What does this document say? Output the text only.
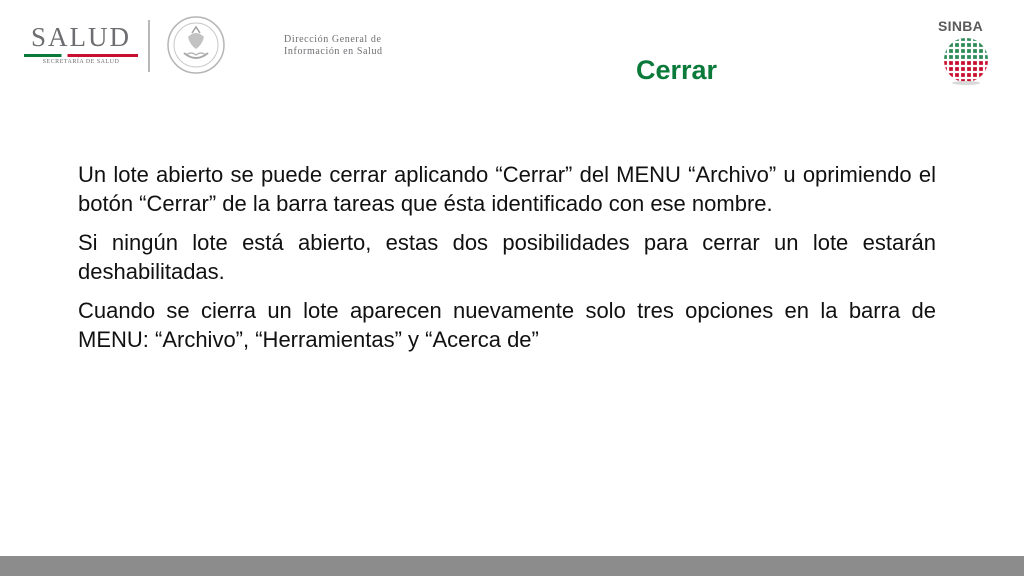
SALUD
SECRETARÍA DE SALUD
Dirección General de
Información en Salud
SINBA
Cerrar

Un lote abierto se puede cerrar aplicando “Cerrar” del MENU “Archivo” u oprimiendo el botón “Cerrar” de la barra tareas que ésta identificado con ese nombre.

Si ningún lote está abierto, estas dos posibilidades para cerrar un lote estarán deshabilitadas.

Cuando se cierra un lote aparecen nuevamente solo tres opciones en la barra de MENU: “Archivo”, “Herramientas” y “Acerca de”
